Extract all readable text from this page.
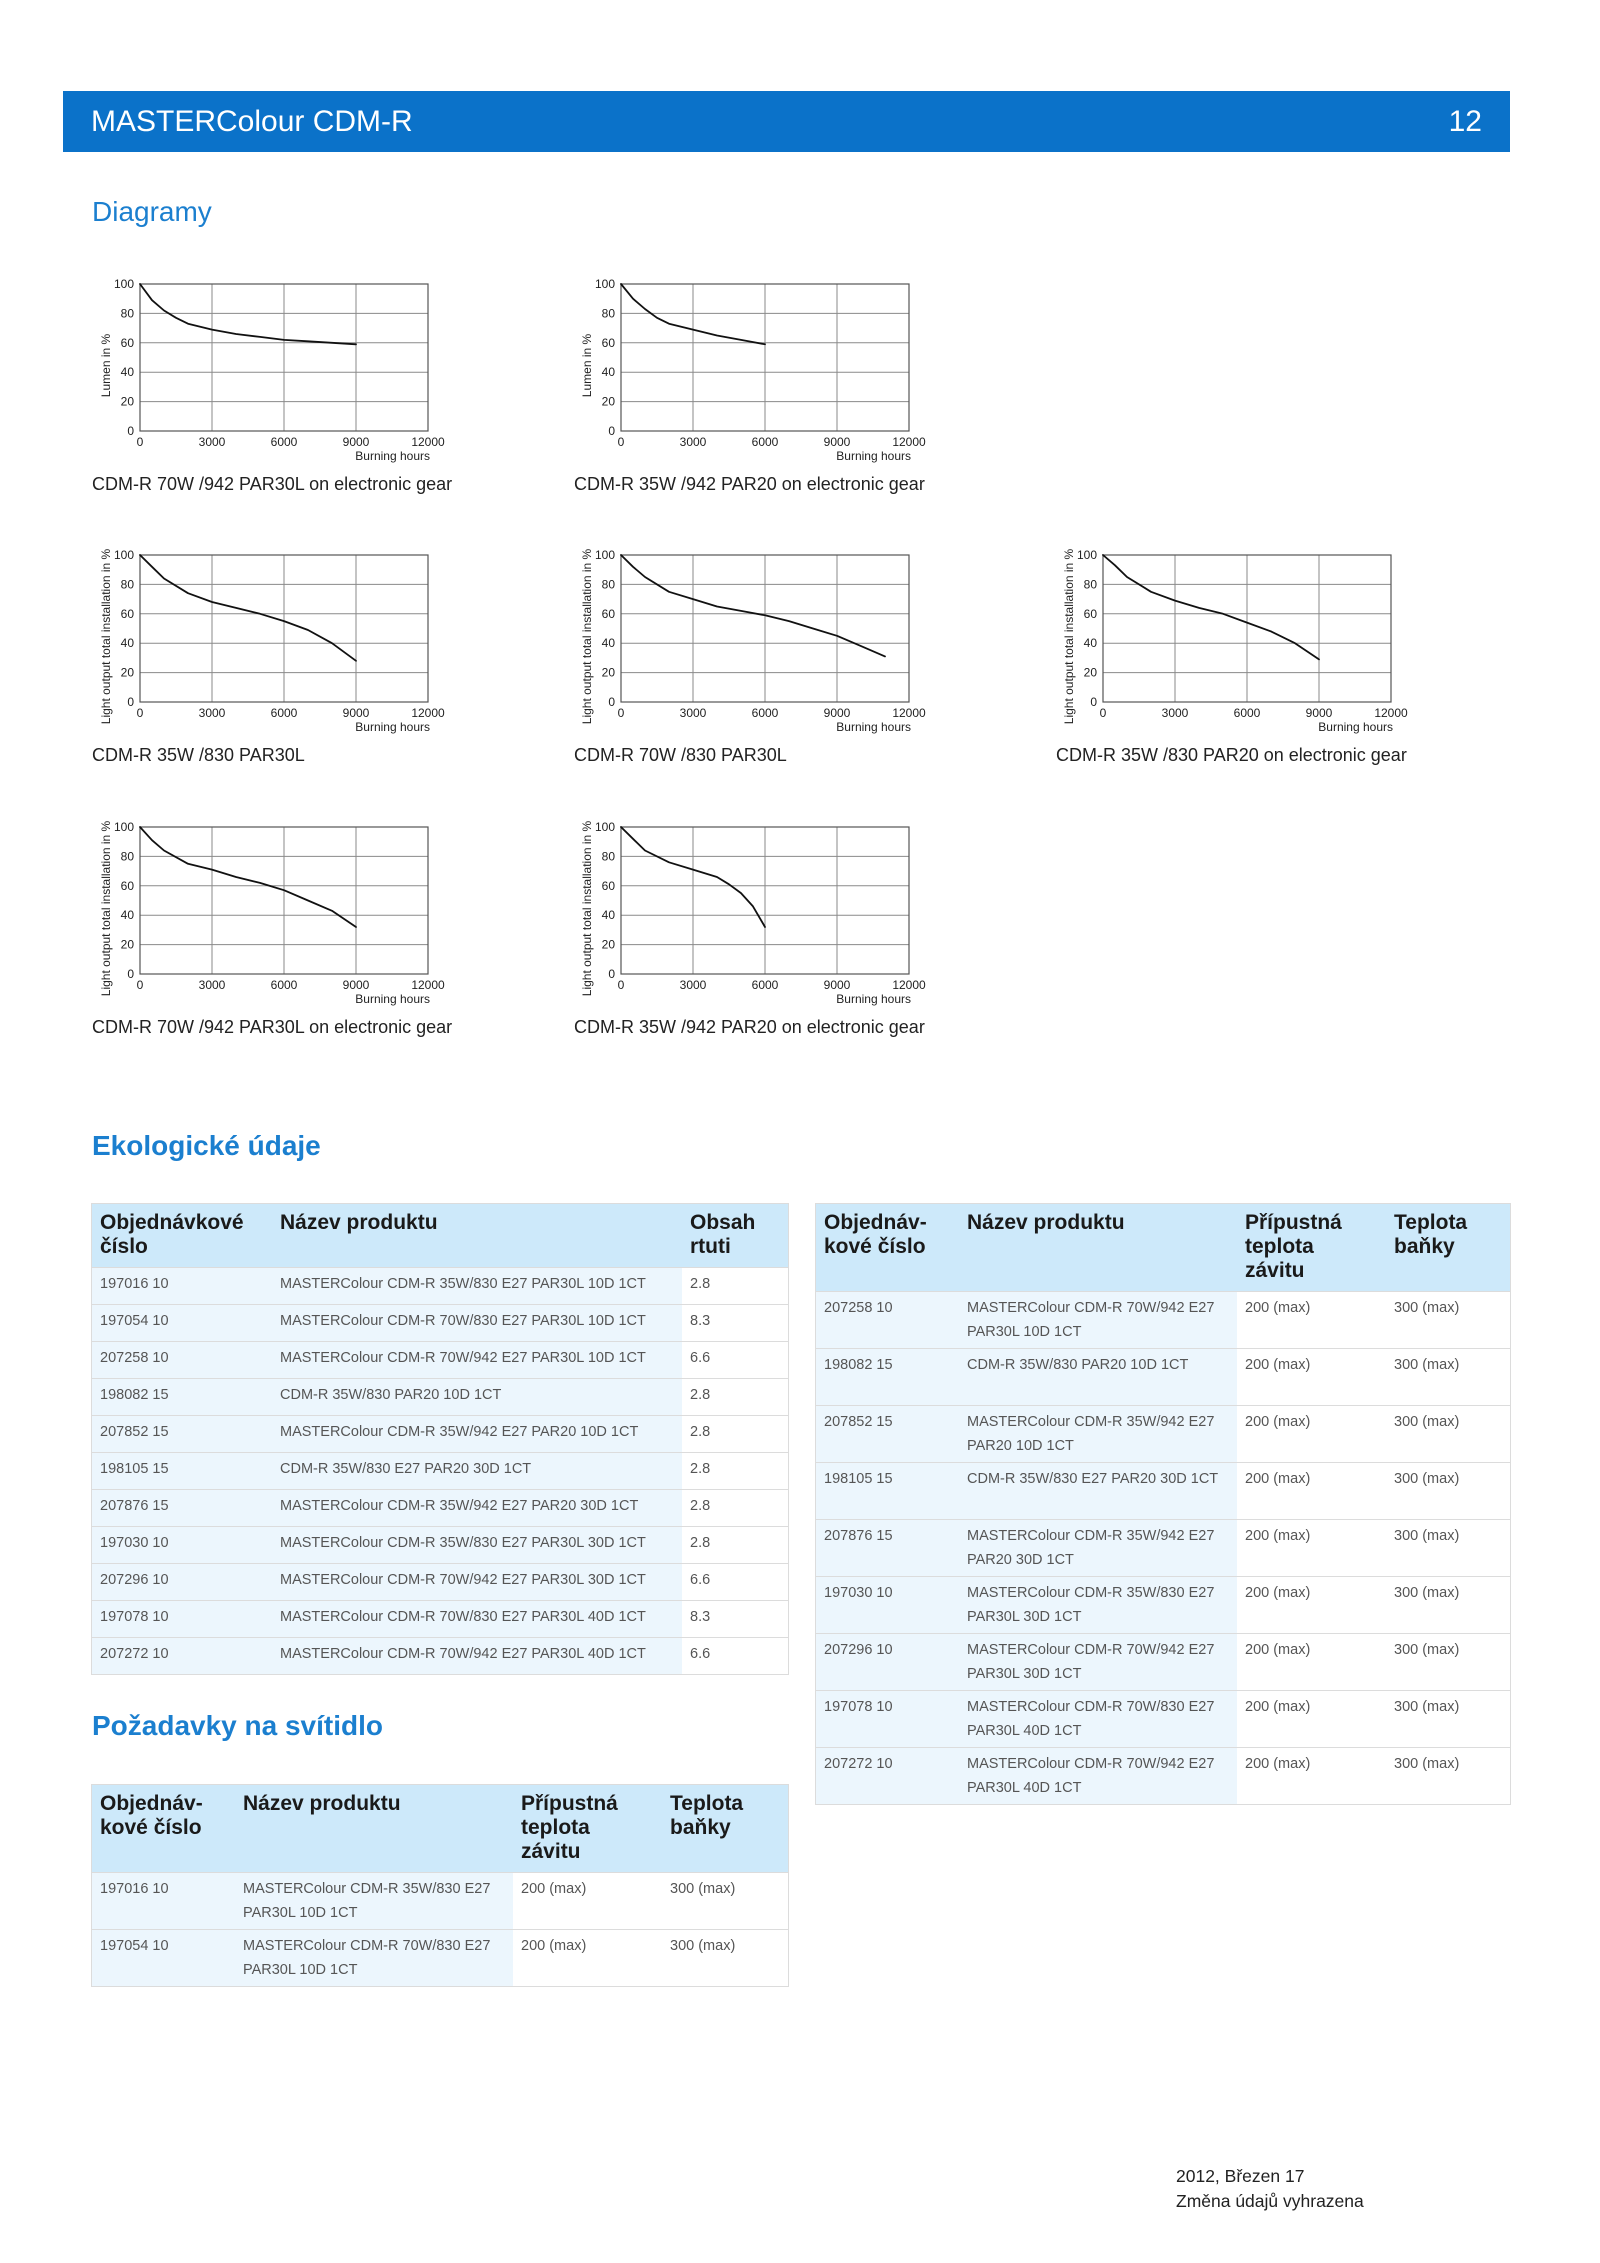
MASTERColour CDM-R	12
Diagramy
0
20
40
60
80
100
0	3000	6000	9000	12000
Burning hours
Lumen in %
0
20
40
60
80
100
0	3000	6000	9000	12000
Burning hours
Lumen in %
0
20
40
60
80
100
0	3000	6000	9000	12000
Burning hours
Light output total installation in %	0
20
40
60
80
100
0	3000	6000	9000	12000
Burning hours
Light output total installation in %	0
20
40
60
80
100
0	3000	6000	9000	12000
Burning hours
Light output total installation in %
0
20
40
60
80
100
0	3000	6000	9000	12000
Burning hours
Light output total installation in %	0
20
40
60
80
100
0	3000	6000	9000	12000
Burning hours
Light output total installation in %
CDM-R 70W /942 PAR30L on electronic gear	CDM-R 35W /942 PAR20 on electronic gear
CDM-R 35W /830 PAR30L	CDM-R 70W /830 PAR30L	CDM-R 35W /830 PAR20 on electronic gear
CDM-R 70W /942 PAR30L on electronic gear	CDM-R 35W /942 PAR20 on electronic gear
Ekologické údaje
Objednávkové číslo	Název produktu	Obsah rtuti
197016 10	MASTERColour CDM-R 35W/830 E27 PAR30L 10D 1CT	2.8
197054 10	MASTERColour CDM-R 70W/830 E27 PAR30L 10D 1CT	8.3
207258 10	MASTERColour CDM-R 70W/942 E27 PAR30L 10D 1CT	6.6
198082 15	CDM-R 35W/830 PAR20 10D 1CT	2.8
207852 15	MASTERColour CDM-R 35W/942 E27 PAR20 10D 1CT	2.8
198105 15	CDM-R 35W/830 E27 PAR20 30D 1CT	2.8
207876 15	MASTERColour CDM-R 35W/942 E27 PAR20 30D 1CT	2.8
197030 10	MASTERColour CDM-R 35W/830 E27 PAR30L 30D 1CT	2.8
207296 10	MASTERColour CDM-R 70W/942 E27 PAR30L 30D 1CT	6.6
197078 10	MASTERColour CDM-R 70W/830 E27 PAR30L 40D 1CT	8.3
207272 10	MASTERColour CDM-R 70W/942 E27 PAR30L 40D 1CT	6.6
Požadavky na svítidlo
Objednáv-kové číslo	Název produktu	Přípustná teplota závitu	Teplota baňky
197016 10	MASTERColour CDM-R 35W/830 E27 PAR30L 10D 1CT	200 (max)	300 (max)
197054 10	MASTERColour CDM-R 70W/830 E27 PAR30L 10D 1CT	200 (max)	300 (max)
Objednáv-kové číslo	Název produktu	Přípustná teplota závitu	Teplota baňky
207258 10	MASTERColour CDM-R 70W/942 E27 PAR30L 10D 1CT	200 (max)	300 (max)
198082 15	CDM-R 35W/830 PAR20 10D 1CT	200 (max)	300 (max)
207852 15	MASTERColour CDM-R 35W/942 E27 PAR20 10D 1CT	200 (max)	300 (max)
198105 15	CDM-R 35W/830 E27 PAR20 30D 1CT	200 (max)	300 (max)
207876 15	MASTERColour CDM-R 35W/942 E27 PAR20 30D 1CT	200 (max)	300 (max)
197030 10	MASTERColour CDM-R 35W/830 E27 PAR30L 30D 1CT	200 (max)	300 (max)
207296 10	MASTERColour CDM-R 70W/942 E27 PAR30L 30D 1CT	200 (max)	300 (max)
197078 10	MASTERColour CDM-R 70W/830 E27 PAR30L 40D 1CT	200 (max)	300 (max)
207272 10	MASTERColour CDM-R 70W/942 E27 PAR30L 40D 1CT	200 (max)	300 (max)
2012, Březen 17
Změna údajů vyhrazena
